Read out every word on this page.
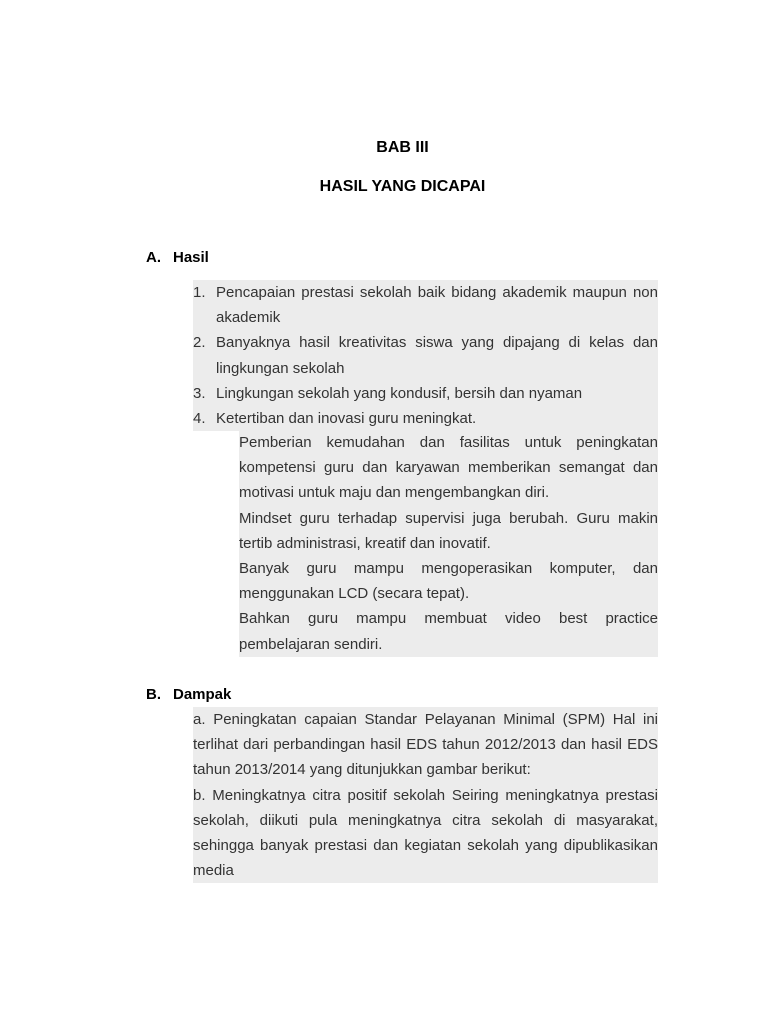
BAB III
HASIL YANG DICAPAI
A. Hasil
1. Pencapaian prestasi sekolah baik bidang akademik maupun non akademik
2. Banyaknya hasil kreativitas siswa yang dipajang di kelas dan lingkungan sekolah
3. Lingkungan sekolah yang kondusif, bersih dan nyaman
4. Ketertiban dan inovasi guru meningkat.
Pemberian kemudahan dan fasilitas untuk peningkatan kompetensi guru dan karyawan memberikan semangat dan motivasi untuk maju dan mengembangkan diri.
Mindset guru terhadap supervisi juga berubah. Guru makin tertib administrasi, kreatif dan inovatif.
Banyak guru mampu mengoperasikan komputer, dan menggunakan LCD (secara tepat).
Bahkan guru mampu membuat video best practice pembelajaran sendiri.
B. Dampak
a. Peningkatan capaian Standar Pelayanan Minimal (SPM) Hal ini terlihat dari perbandingan hasil EDS tahun 2012/2013 dan hasil EDS tahun 2013/2014 yang ditunjukkan gambar berikut:
b. Meningkatnya citra positif sekolah Seiring meningkatnya prestasi sekolah, diikuti pula meningkatnya citra sekolah di masyarakat, sehingga banyak prestasi dan kegiatan sekolah yang dipublikasikan media
